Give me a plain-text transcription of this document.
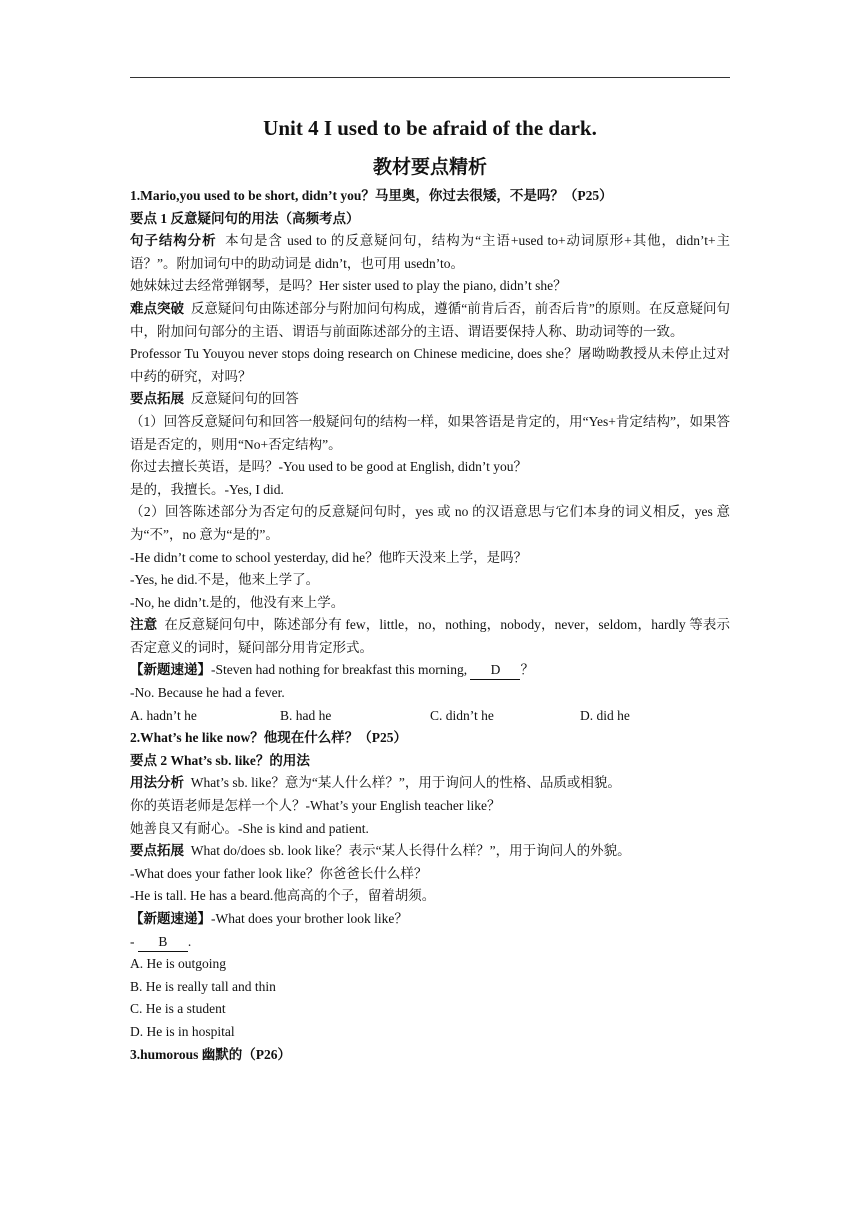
Unit 4 I used to be afraid of the dark.
教材要点精析

1.Mario,you used to be short, didn’t you？马里奥，你过去很矮，不是吗？（P25）

要点 1 反意疑问句的用法（高频考点）

句子结构分析 本句是含 used to 的反意疑问句，结构为“主语+used to+动词原形+其他，didn’t+主语？”。附加词句中的助动词是 didn’t，也可用 usedn’to。

她妹妹过去经常弹钢琴，是吗？Her sister used to play the piano, didn’t she？

难点突破 反意疑问句由陈述部分与附加问句构成，遵循“前肯后否，前否后肯”的原则。在反意疑问句中，附加问句部分的主语、谓语与前面陈述部分的主语、谓语要保持人称、助动词等的一致。

Professor Tu Youyou never stops doing research on Chinese medicine, does she？屠呦呦教授从未停止过对中药的研究，对吗？

要点拓展 反意疑问句的回答

（1）回答反意疑问句和回答一般疑问句的结构一样，如果答语是肯定的，用“Yes+肯定结构”，如果答语是否定的，则用“No+否定结构”。

你过去擅长英语，是吗？-You used to be good at English, didn’t you？

是的，我擅长。-Yes, I did.

（2）回答陈述部分为否定句的反意疑问句时，yes 或 no 的汉语意思与它们本身的词义相反，yes 意为“不”，no 意为“是的”。

-He didn’t come to school yesterday, did he？他昨天没来上学，是吗？

-Yes, he did.不是，他来上学了。

-No, he didn’t.是的，他没有来上学。

注意 在反意疑问句中，陈述部分有 few，little，no，nothing，nobody，never，seldom，hardly 等表示否定意义的词时，疑问部分用肯定形式。

【新题速递】-Steven had nothing for breakfast this morning, D ？

-No. Because he had a fever.

A. hadn’t he	B. had he	C. didn’t he	D. did he

2.What’s he like now？他现在什么样？（P25）

要点 2 What’s sb. like？的用法

用法分析 What’s sb. like？意为“某人什么样？”，用于询问人的性格、品质或相貌。

你的英语老师是怎样一个人？-What’s your English teacher like？

她善良又有耐心。-She is kind and patient.

要点拓展 What do/does sb. look like？表示“某人长得什么样？”，用于询问人的外貌。

-What does your father look like？你爸爸长什么样？

-He is tall. He has a beard.他高高的个子，留着胡须。

【新题速递】-What does your brother look like？

- B .

A. He is outgoing

B. He is really tall and thin

C. He is a student

D. He is in hospital

3.humorous 幽默的（P26）
